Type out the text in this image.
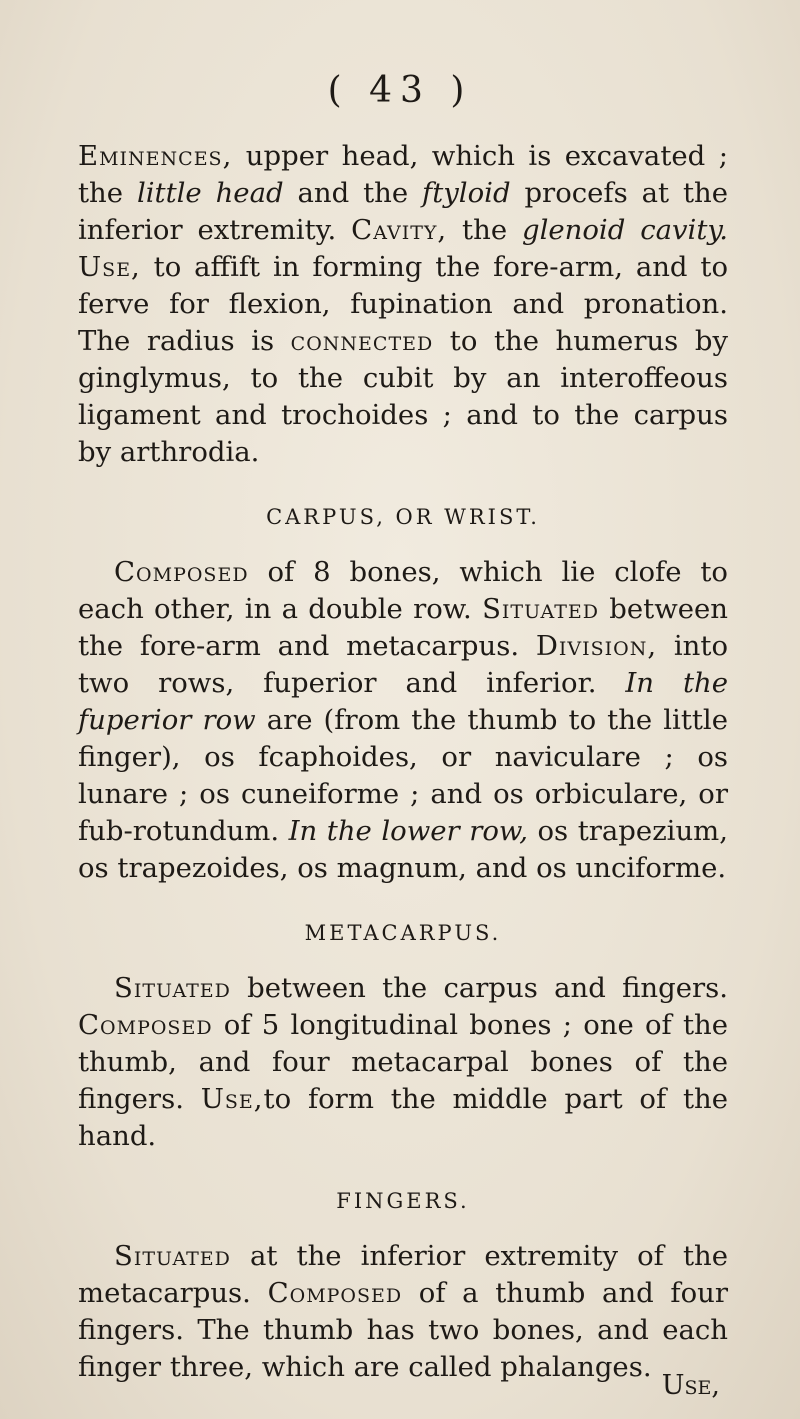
( 43 )

Eminences, upper head, which is excavated ; the little head and the ftyloid procefs at the inferior extremity. Cavity, the glenoid cavity. Use, to affift in forming the fore-arm, and to ferve for flexion, fupination and pronation. The radius is connected to the humerus by ginglymus, to the cubit by an interoffeous ligament and trochoides ; and to the carpus by arthrodia.

CARPUS, OR WRIST.

Composed of 8 bones, which lie clofe to each other, in a double row. Situated between the fore-arm and metacarpus. Division, into two rows, fuperior and inferior. In the fuperior row are (from the thumb to the little finger), os fcaphoides, or naviculare ; os lunare ; os cuneiforme ; and os orbiculare, or fub-rotundum. In the lower row, os trapezium, os trapezoides, os magnum, and os unciforme.

METACARPUS.

Situated between the carpus and fingers. Composed of 5 longitudinal bones ; one of the thumb, and four metacarpal bones of the fingers. Use,to form the middle part of the hand.

FINGERS.

Situated at the inferior extremity of the metacarpus. Composed of a thumb and four fingers. The thumb has two bones, and each finger three, which are called phalanges.

Use,
